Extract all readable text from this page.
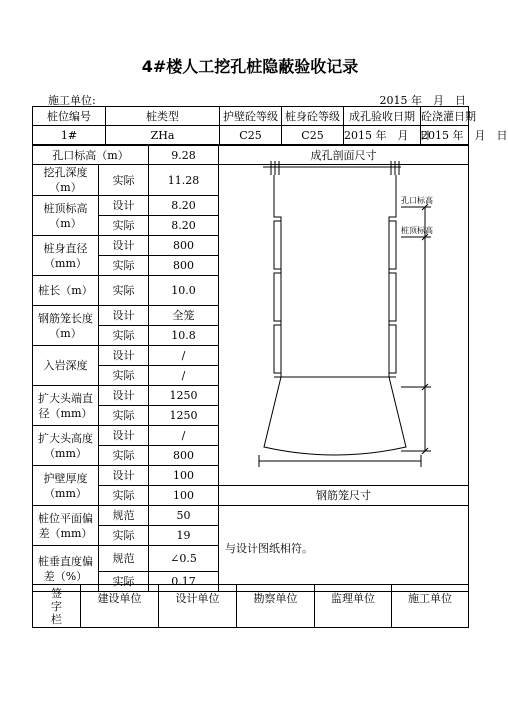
4#楼人工挖孔桩隐蔽验收记录
施工单位:	2015 年　月　日
桩位编号	桩类型	护壁砼等级	桩身砼等级	成孔验收日期	砼浇灌日期
1#	ZHa	C25	C25	2015 年　月　日	2015 年　月　日
孔口标高（m）		9.28	成孔剖面尺寸
挖孔深度（m）	实际	11.28	孔口标高
桩顶标高

桩顶标高（m）	设计	8.20	
	实际	8.20	
桩身直径（mm）	设计	800	
	实际	800	
桩长（m）	实际	10.0	
钢筋笼长度（m）	设计	全笼	
	实际	10.8	
入岩深度	设计	/	
	实际	/	
扩大头端直径（mm）	设计	1250	
	实际	1250	
扩大头高度（mm）	设计	/	
	实际	800	
护壁厚度（mm）	设计	100	
	实际	100	钢筋笼尺寸
桩位平面偏差（mm）	规范	50	与设计图纸相符。
	实际	19	
桩垂直度偏差（%）	规范	∠0.5	
	实际	0.17	
签字栏	建设单位	设计单位	勘察单位	监理单位	施工单位
